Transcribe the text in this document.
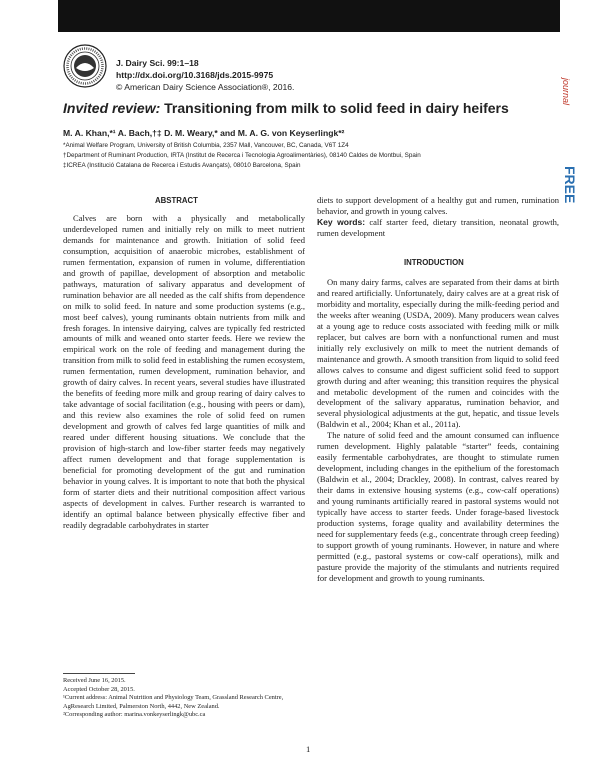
J. Dairy Sci. 99:1–18
http://dx.doi.org/10.3168/jds.2015-9975
© American Dairy Science Association®, 2016.	journal
FREE
Invited review: Transitioning from milk to solid feed in dairy heifers
M. A. Khan,*¹ A. Bach,†‡ D. M. Weary,* and M. A. G. von Keyserlingk*²
*Animal Welfare Program, University of British Columbia, 2357 Mall, Vancouver, BC, Canada, V6T 1Z4
†Department of Ruminant Production, IRTA (Institut de Recerca i Tecnologia Agroalimentàries), 08140 Caldes de Montbui, Spain
‡ICREA (Institució Catalana de Recerca i Estudis Avançats), 08010 Barcelona, Spain
ABSTRACT

Calves are born with a physically and metabolically underdeveloped rumen and initially rely on milk to meet nutrient demands for maintenance and growth. Initiation of solid feed consumption, acquisition of anaerobic microbes, establishment of rumen fermentation, expansion of rumen in volume, differentiation and growth of papillae, development of absorption and metabolic pathways, maturation of salivary apparatus and development of rumination behavior are all needed as the calf shifts from dependence on milk to solid feed. In nature and some production systems (e.g., most beef calves), young ruminants obtain nutrients from milk and fresh forages. In intensive dairying, calves are typically fed restricted amounts of milk and weaned onto starter feeds. Here we review the empirical work on the role of feeding and management during the transition from milk to solid feed in establishing the rumen ecosystem, rumen fermentation, rumen development, rumination behavior, and growth of dairy calves. In recent years, several studies have illustrated the benefits of feeding more milk and group rearing of dairy calves to take advantage of social facilitation (e.g., housing with peers or dam), and this review also examines the role of solid feed on rumen development and growth of calves fed large quantities of milk and reared under different housing situations. We conclude that the provision of high-starch and low-fiber starter feeds may negatively affect rumen development and that forage supplementation is beneficial for promoting development of the gut and rumination behavior in young calves. It is important to note that both the physical form of starter diets and their nutritional composition affect various aspects of development in calves. Further research is warranted to identify an optimal balance between physically effective fiber and readily degradable carbohydrates in starter

diets to support development of a healthy gut and rumen, rumination behavior, and growth in young calves.

Key words: calf starter feed, dietary transition, neonatal growth, rumen development

INTRODUCTION

On many dairy farms, calves are separated from their dams at birth and reared artificially. Unfortunately, dairy calves are at a great risk of morbidity and mortality, especially during the milk-feeding period and the weeks after weaning (USDA, 2009). Many producers wean calves at a young age to reduce costs associated with feeding milk or milk replacer, but calves are born with a nonfunctional rumen and must initially rely exclusively on milk to meet the nutrient demands of maintenance and growth. A smooth transition from liquid to solid feed allows calves to consume and digest sufficient solid feed to support growth during and after weaning; this transition requires the physical and metabolic development of the rumen and coincides with the development of the salivary apparatus, rumination behavior, and several physiological adjustments at the gut, hepatic, and tissue levels (Baldwin et al., 2004; Khan et al., 2011a).

The nature of solid feed and the amount consumed can influence rumen development. Highly palatable “starter” feeds, containing easily fermentable carbohydrates, are thought to stimulate rumen development, including changes in the epithelium of the forestomach (Baldwin et al., 2004; Drackley, 2008). In contrast, calves reared by their dams in extensive housing systems (e.g., cow-calf operations) and young ruminants artificially reared in pastoral systems would not typically have access to starter feeds. Under forage-based livestock production systems, forage quality and availability determines the need for supplementary feeds (e.g., concentrate through creep feeding) to support growth of young ruminants. However, in nature and where permitted (e.g., pastoral systems or cow-calf operations), milk and pasture provide the majority of the stimulants and nutrients required for development and growth to young ruminants.

Received June 16, 2015.
Accepted October 28, 2015.
¹Current address: Animal Nutrition and Physiology Team, Grassland Research Centre, AgResearch Limited, Palmerston North, 4442, New Zealand.
²Corresponding author: marina.vonkeyserlingk@ubc.ca
1
